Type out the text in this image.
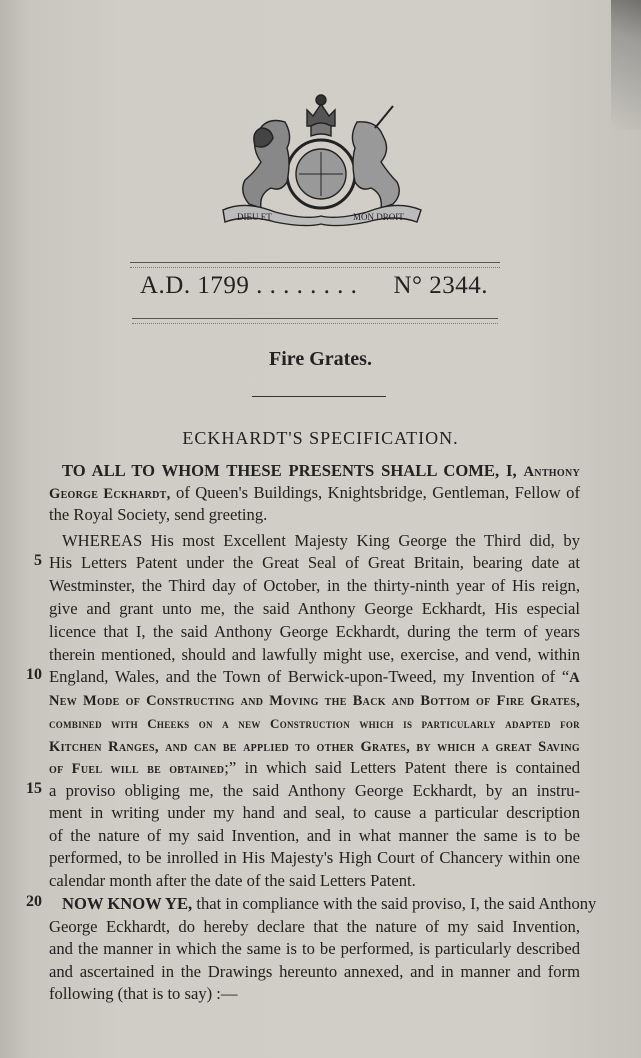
DIEU ET	MON DROIT
A.D. 1799 . . . . . . . . N° 2344.
Fire Grates.
ECKHARDT'S SPECIFICATION.
TO ALL TO WHOM THESE PRESENTS SHALL COME, I, Anthony
George Eckhardt, of Queen's Buildings, Knightsbridge, Gentleman, Fellow of
the Royal Society, send greeting.
WHEREAS His most Excellent Majesty King George the Third did, by
5 His Letters Patent under the Great Seal of Great Britain, bearing date at
Westminster, the Third day of October, in the thirty-ninth year of His reign,
give and grant unto me, the said Anthony George Eckhardt, His especial
licence that I, the said Anthony George Eckhardt, during the term of years
therein mentioned, should and lawfully might use, exercise, and vend, within
10 England, Wales, and the Town of Berwick-upon-Tweed, my Invention of “A
New Mode of Constructing and Moving the Back and Bottom of Fire Grates,
combined with Cheeks on a new Construction which is particularly adapted for
Kitchen Ranges, and can be applied to other Grates, by which a great Saving
of Fuel will be obtained;” in which said Letters Patent there is contained
15 a proviso obliging me, the said Anthony George Eckhardt, by an instru-
ment in writing under my hand and seal, to cause a particular description
of the nature of my said Invention, and in what manner the same is to be
performed, to be inrolled in His Majesty's High Court of Chancery within one
calendar month after the date of the said Letters Patent.
20 NOW KNOW YE, that in compliance with the said proviso, I, the said Anthony
George Eckhardt, do hereby declare that the nature of my said Invention,
and the manner in which the same is to be performed, is particularly described
and ascertained in the Drawings hereunto annexed, and in manner and form
following (that is to say) :—
